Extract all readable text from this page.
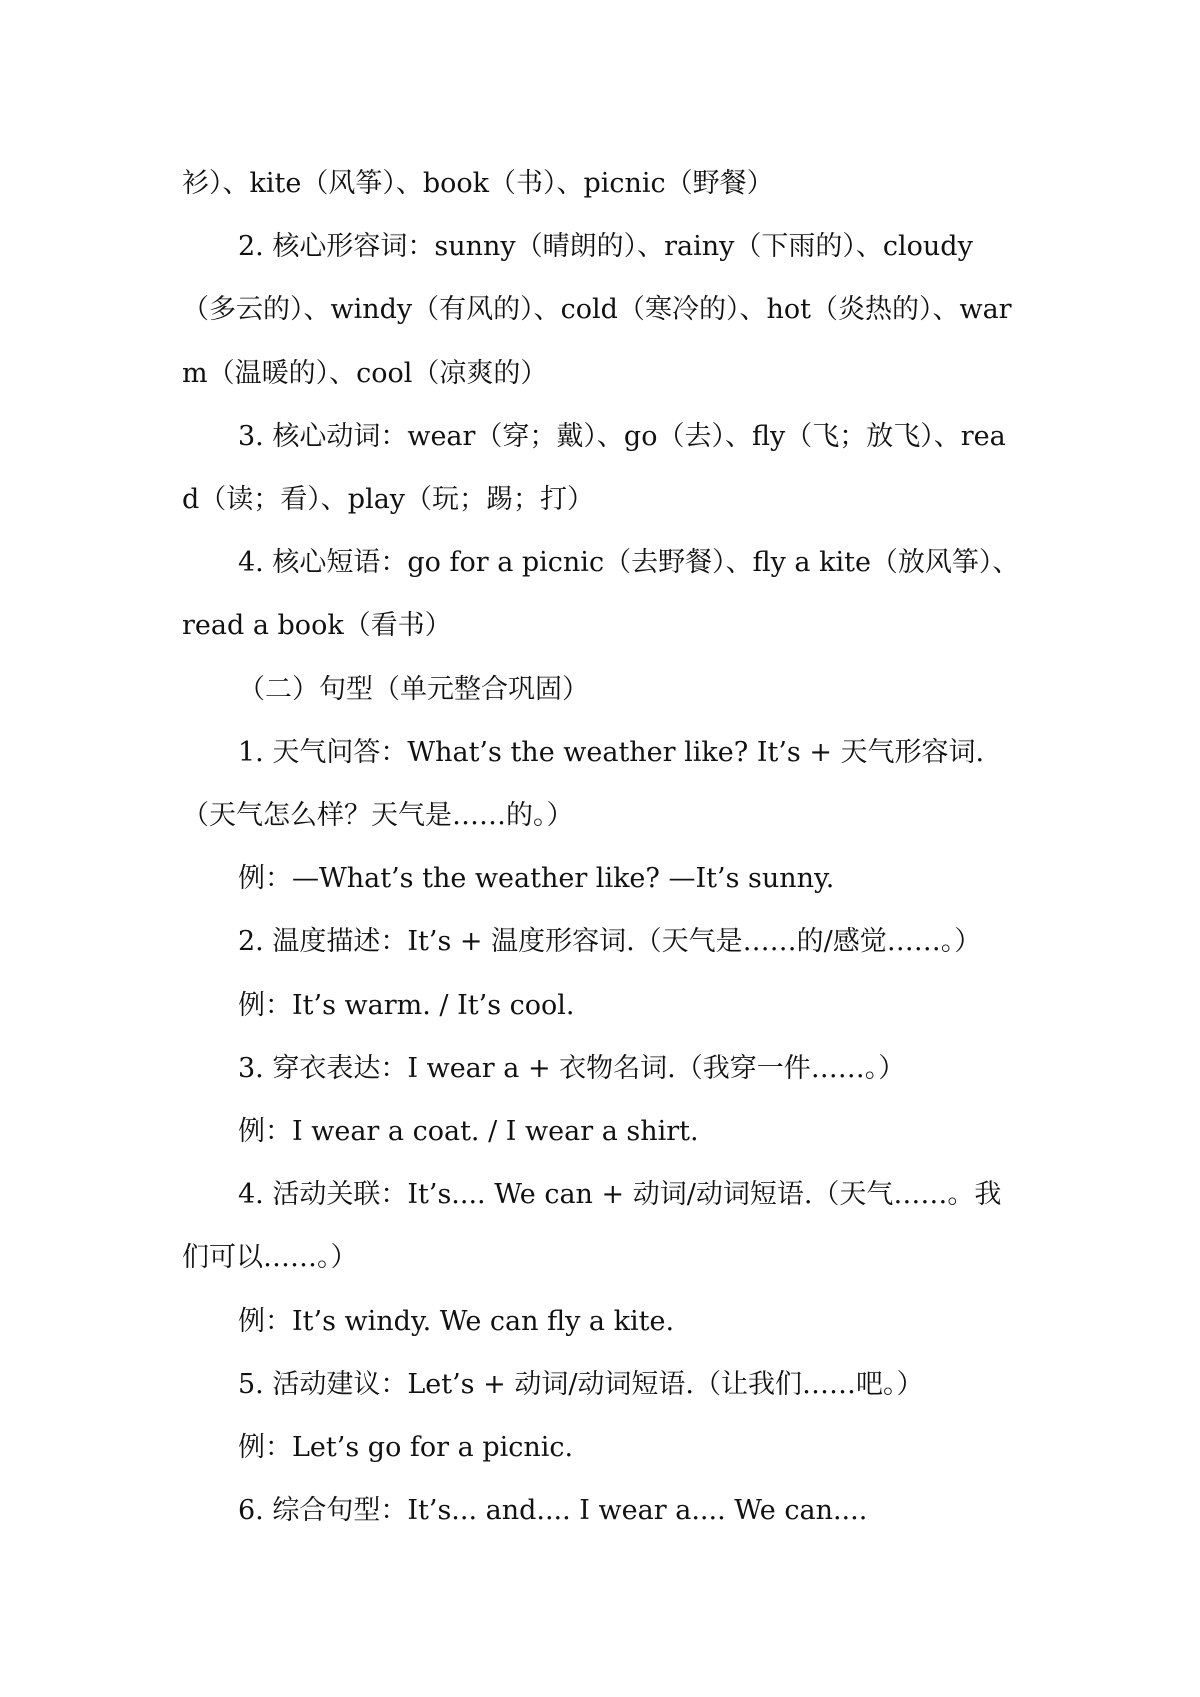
衫）、kite（风筝）、book（书）、picnic（野餐）

2. 核心形容词：sunny（晴朗的）、rainy（下雨的）、cloudy（多云的）、windy（有风的）、cold（寒冷的）、hot（炎热的）、warm（温暖的）、cool（凉爽的）

3. 核心动词：wear（穿；戴）、go（去）、fly（飞；放飞）、read（读；看）、play（玩；踢；打）

4. 核心短语：go for a picnic（去野餐）、fly a kite（放风筝）、read a book（看书）

（二）句型（单元整合巩固）

1. 天气问答：What’s the weather like? It’s + 天气形容词.（天气怎么样？天气是……的。）

例：—What’s the weather like? —It’s sunny.

2. 温度描述：It’s + 温度形容词.（天气是……的/感觉……。）

例：It’s warm. / It’s cool.

3. 穿衣表达：I wear a + 衣物名词.（我穿一件……。）

例：I wear a coat. / I wear a shirt.

4. 活动关联：It’s.... We can + 动词/动词短语.（天气……。我们可以……。）

例：It’s windy. We can fly a kite.

5. 活动建议：Let’s + 动词/动词短语.（让我们……吧。）

例：Let’s go for a picnic.

6. 综合句型：It’s... and.... I wear a.... We can....
